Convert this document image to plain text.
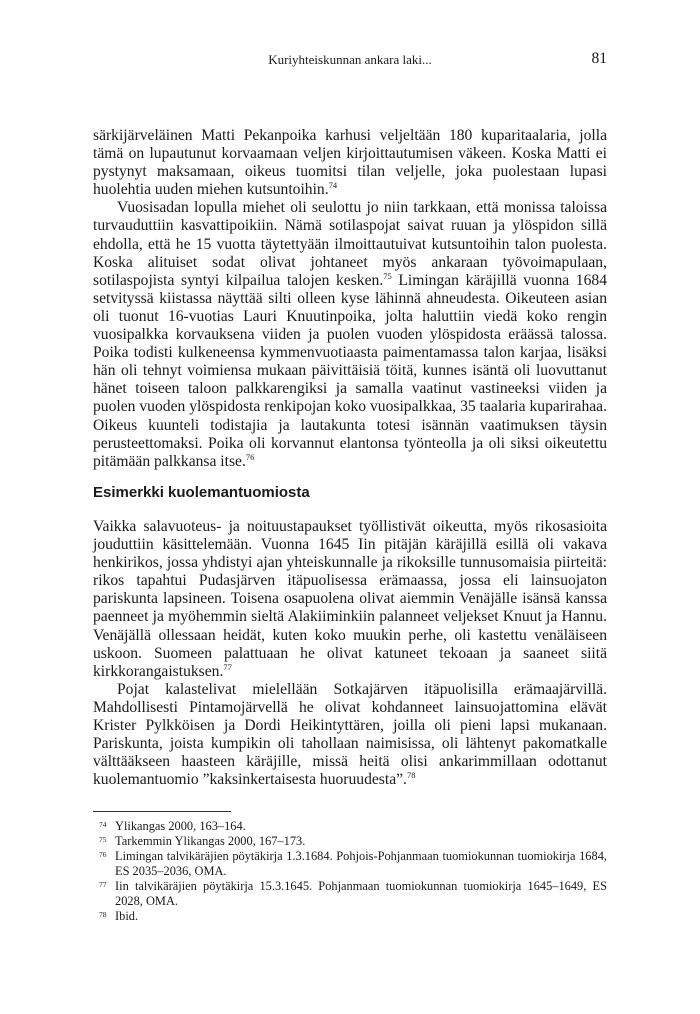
Kuriyhteiskunnan ankara laki...	81

särkijärveläinen Matti Pekanpoika karhusi veljeltään 180 kuparitaalaria, jolla tämä on lupautunut korvaamaan veljen kirjoittautumisen väkeen. Koska Matti ei pystynyt maksamaan, oikeus tuomitsi tilan veljelle, joka puolestaan lupasi huolehtia uuden miehen kutsuntoihin.$^{74}$

Vuosisadan lopulla miehet oli seulottu jo niin tarkkaan, että monissa taloissa turvauduttiin kasvattipoikiin. Nämä sotilaspojat saivat ruuan ja ylöspidon sillä ehdolla, että he 15 vuotta täytettyään ilmoittautuivat kutsuntoihin talon puolesta. Koska alituiset sodat olivat johtaneet myös ankaraan työvoimapulaan, sotilaspojista syntyi kilpailua talojen kesken.$^{75}$ Limingan käräjillä vuonna 1684 setvityssä kiistassa näyttää silti olleen kyse lähinnä ahneudesta. Oikeuteen asian oli tuonut 16-vuotias Lauri Knuutinpoika, jolta haluttiin viedä koko rengin vuosipalkka korvauksena viiden ja puolen vuoden ylöspidosta eräässä talossa. Poika todisti kulkeneensa kymmenvuotiaasta paimentamassa talon karjaa, lisäksi hän oli tehnyt voimiensa mukaan päivittäisiä töitä, kunnes isäntä oli luovuttanut hänet toiseen taloon palkkarengiksi ja samalla vaatinut vastineeksi viiden ja puolen vuoden ylöspidosta renkipojan koko vuosipalkkaa, 35 taalaria kuparirahaa. Oikeus kuunteli todistajia ja lautakunta totesi isännän vaatimuksen täysin perusteettomaksi. Poika oli korvannut elantonsa työnteolla ja oli siksi oikeutettu pitämään palkkansa itse.$^{76}$

Esimerkki kuolemantuomiosta

Vaikka salavuoteus- ja noituustapaukset työllistivät oikeutta, myös rikosasioita jouduttiin käsittelemään. Vuonna 1645 Iin pitäjän käräjillä esillä oli vakava henkirikos, jossa yhdistyi ajan yhteiskunnalle ja rikoksille tunnusomaisia piirteitä: rikos tapahtui Pudasjärven itäpuolisessa erämaassa, jossa eli lainsuojaton pariskunta lapsineen. Toisena osapuolena olivat aiemmin Venäjälle isänsä kanssa paenneet ja myöhemmin sieltä Alakiiminkiin palanneet veljekset Knuut ja Hannu. Venäjällä ollessaan heidät, kuten koko muukin perhe, oli kastettu venäläiseen uskoon. Suomeen palattuaan he olivat katuneet tekoaan ja saaneet siitä kirkkorangaistuksen.$^{77}$

Pojat kalastelivat mielellään Sotkajärven itäpuolisilla erämaajärvillä. Mahdollisesti Pintamojärvellä he olivat kohdanneet lainsuojattomina elävät Krister Pylkköisen ja Dordi Heikintyttären, joilla oli pieni lapsi mukanaan. Pariskunta, joista kumpikin oli tahollaan naimisissa, oli lähtenyt pakomatkalle välttääkseen haasteen käräjille, missä heitä olisi ankarimmillaan odottanut kuolemantuomio ”kaksinkertaisesta huoruudesta”.$^{78}$

74 Ylikangas 2000, 163–164.

75 Tarkemmin Ylikangas 2000, 167–173.

76 Limingan talvikäräjien pöytäkirja 1.3.1684. Pohjois-Pohjanmaan tuomiokunnan tuomiokirja 1684, ES 2035–2036, OMA.

77 Iin talvikäräjien pöytäkirja 15.3.1645. Pohjanmaan tuomiokunnan tuomiokirja 1645–1649, ES 2028, OMA.

78 Ibid.
